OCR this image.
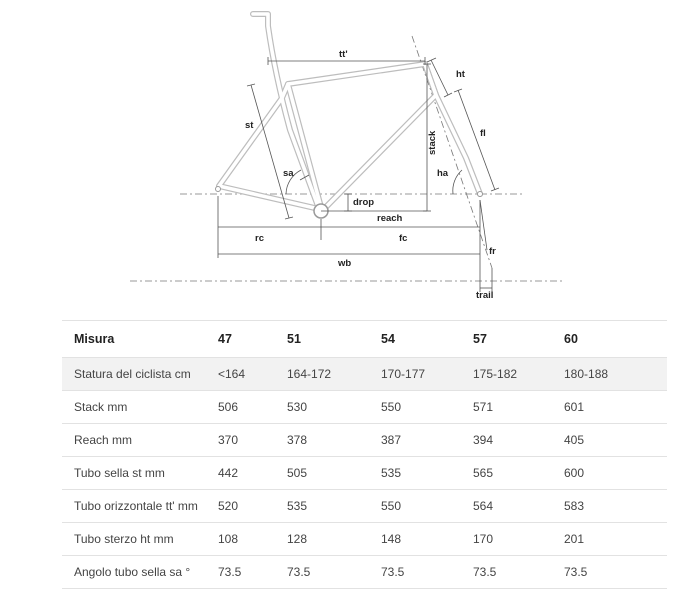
tt'
ht
st
stack	fl
sa	ha
drop
reach
rc	fc
fr
wb
trail
Misura	47	51	54	57	60
Statura del ciclista cm	<164	164-172	170-177	175-182	180-188
Stack mm	506	530	550	571	601
Reach mm	370	378	387	394	405
Tubo sella st mm	442	505	535	565	600
Tubo orizzontale tt' mm	520	535	550	564	583
Tubo sterzo ht mm	108	128	148	170	201
Angolo tubo sella sa °	73.5	73.5	73.5	73.5	73.5
